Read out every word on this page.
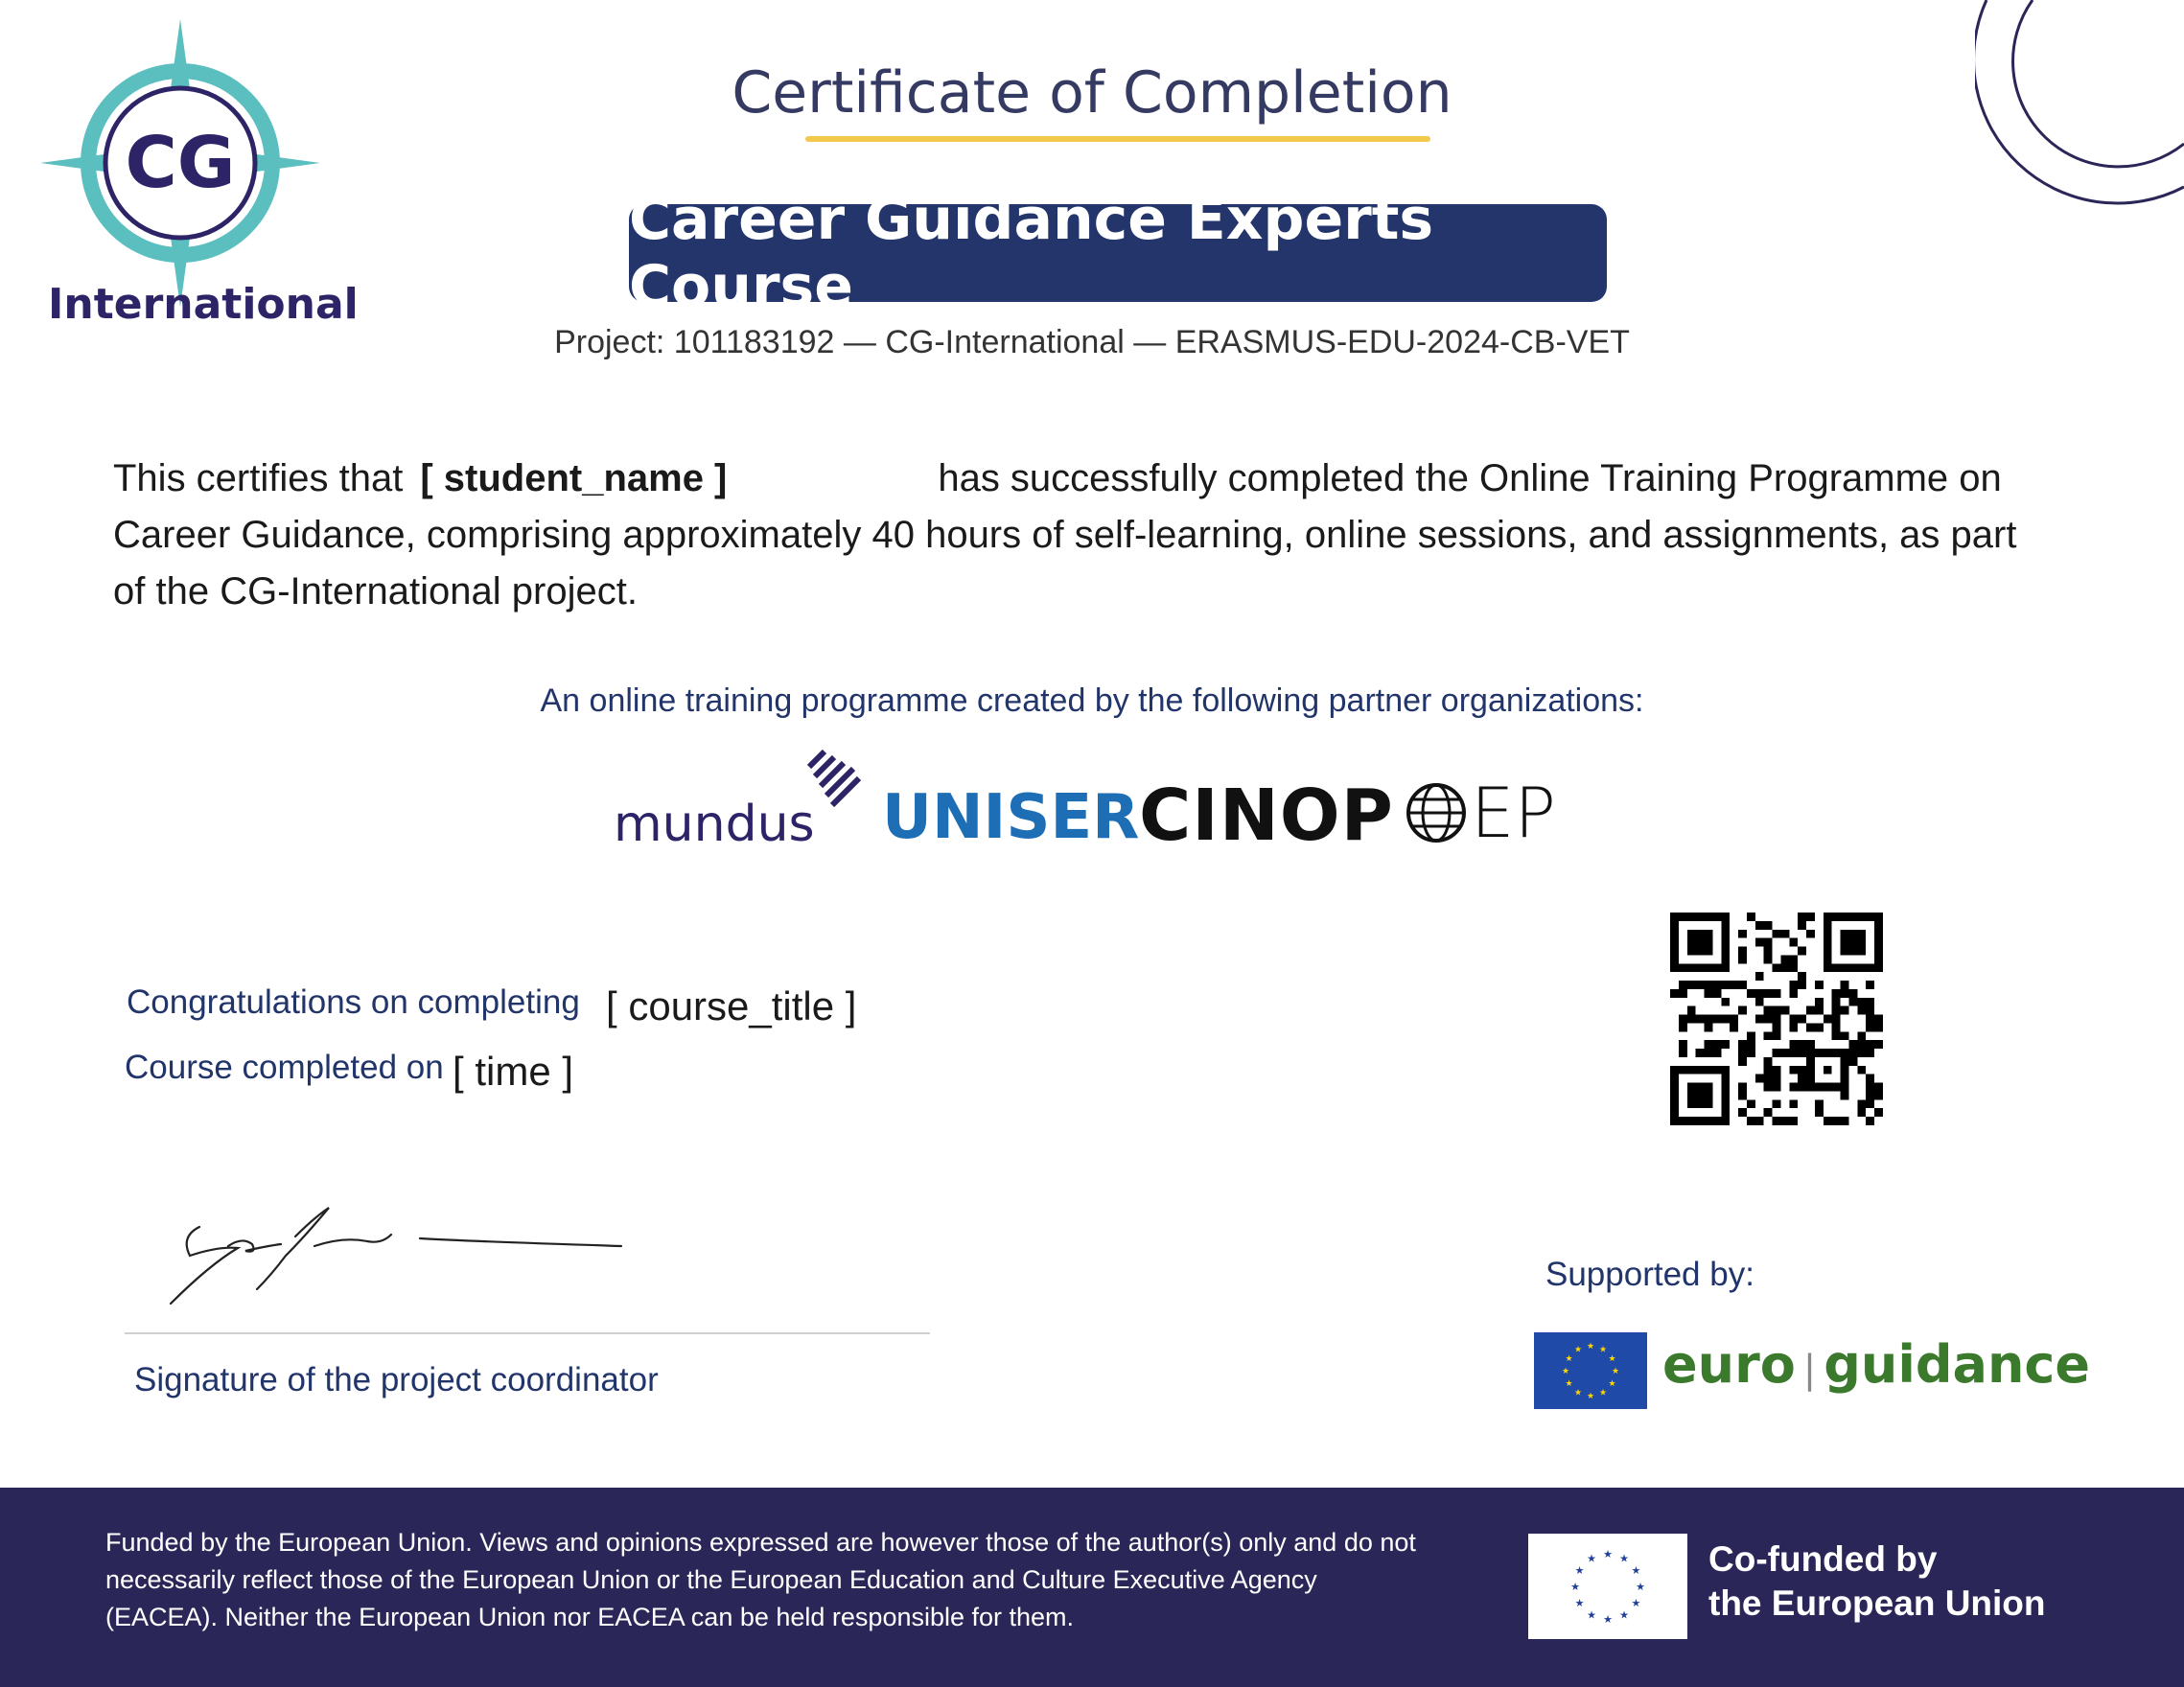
CG
International
Certificate of Completion
Career Guidance Experts Course
Project: 101183192 — CG-International — ERASMUS-EDU-2024-CB-VET
This certifies that [ student_name ]	has successfully completed the Online Training Programme on Career Guidance, comprising approximately 40 hours of self-learning, online sessions, and assignments, as part of the CG-International project.
An online training programme created by the following partner organizations:
mundus UNISER CINOP EP
Congratulations on completing [ course_title ]
Course completed on [ time ]
Signature of the project coordinator
Supported by:
★
★
★
★
★
★
★
★
★ ★ ★
★ euro | guidance
Funded by the European Union. Views and opinions expressed are however those of the author(s) only and do not necessarily reflect those of the European Union or the European Education and Culture Executive Agency (EACEA). Neither the European Union nor EACEA can be held responsible for them.
★
★
★
★
★
★
★
★
★ ★ ★
★ Co-funded by
the European Union
